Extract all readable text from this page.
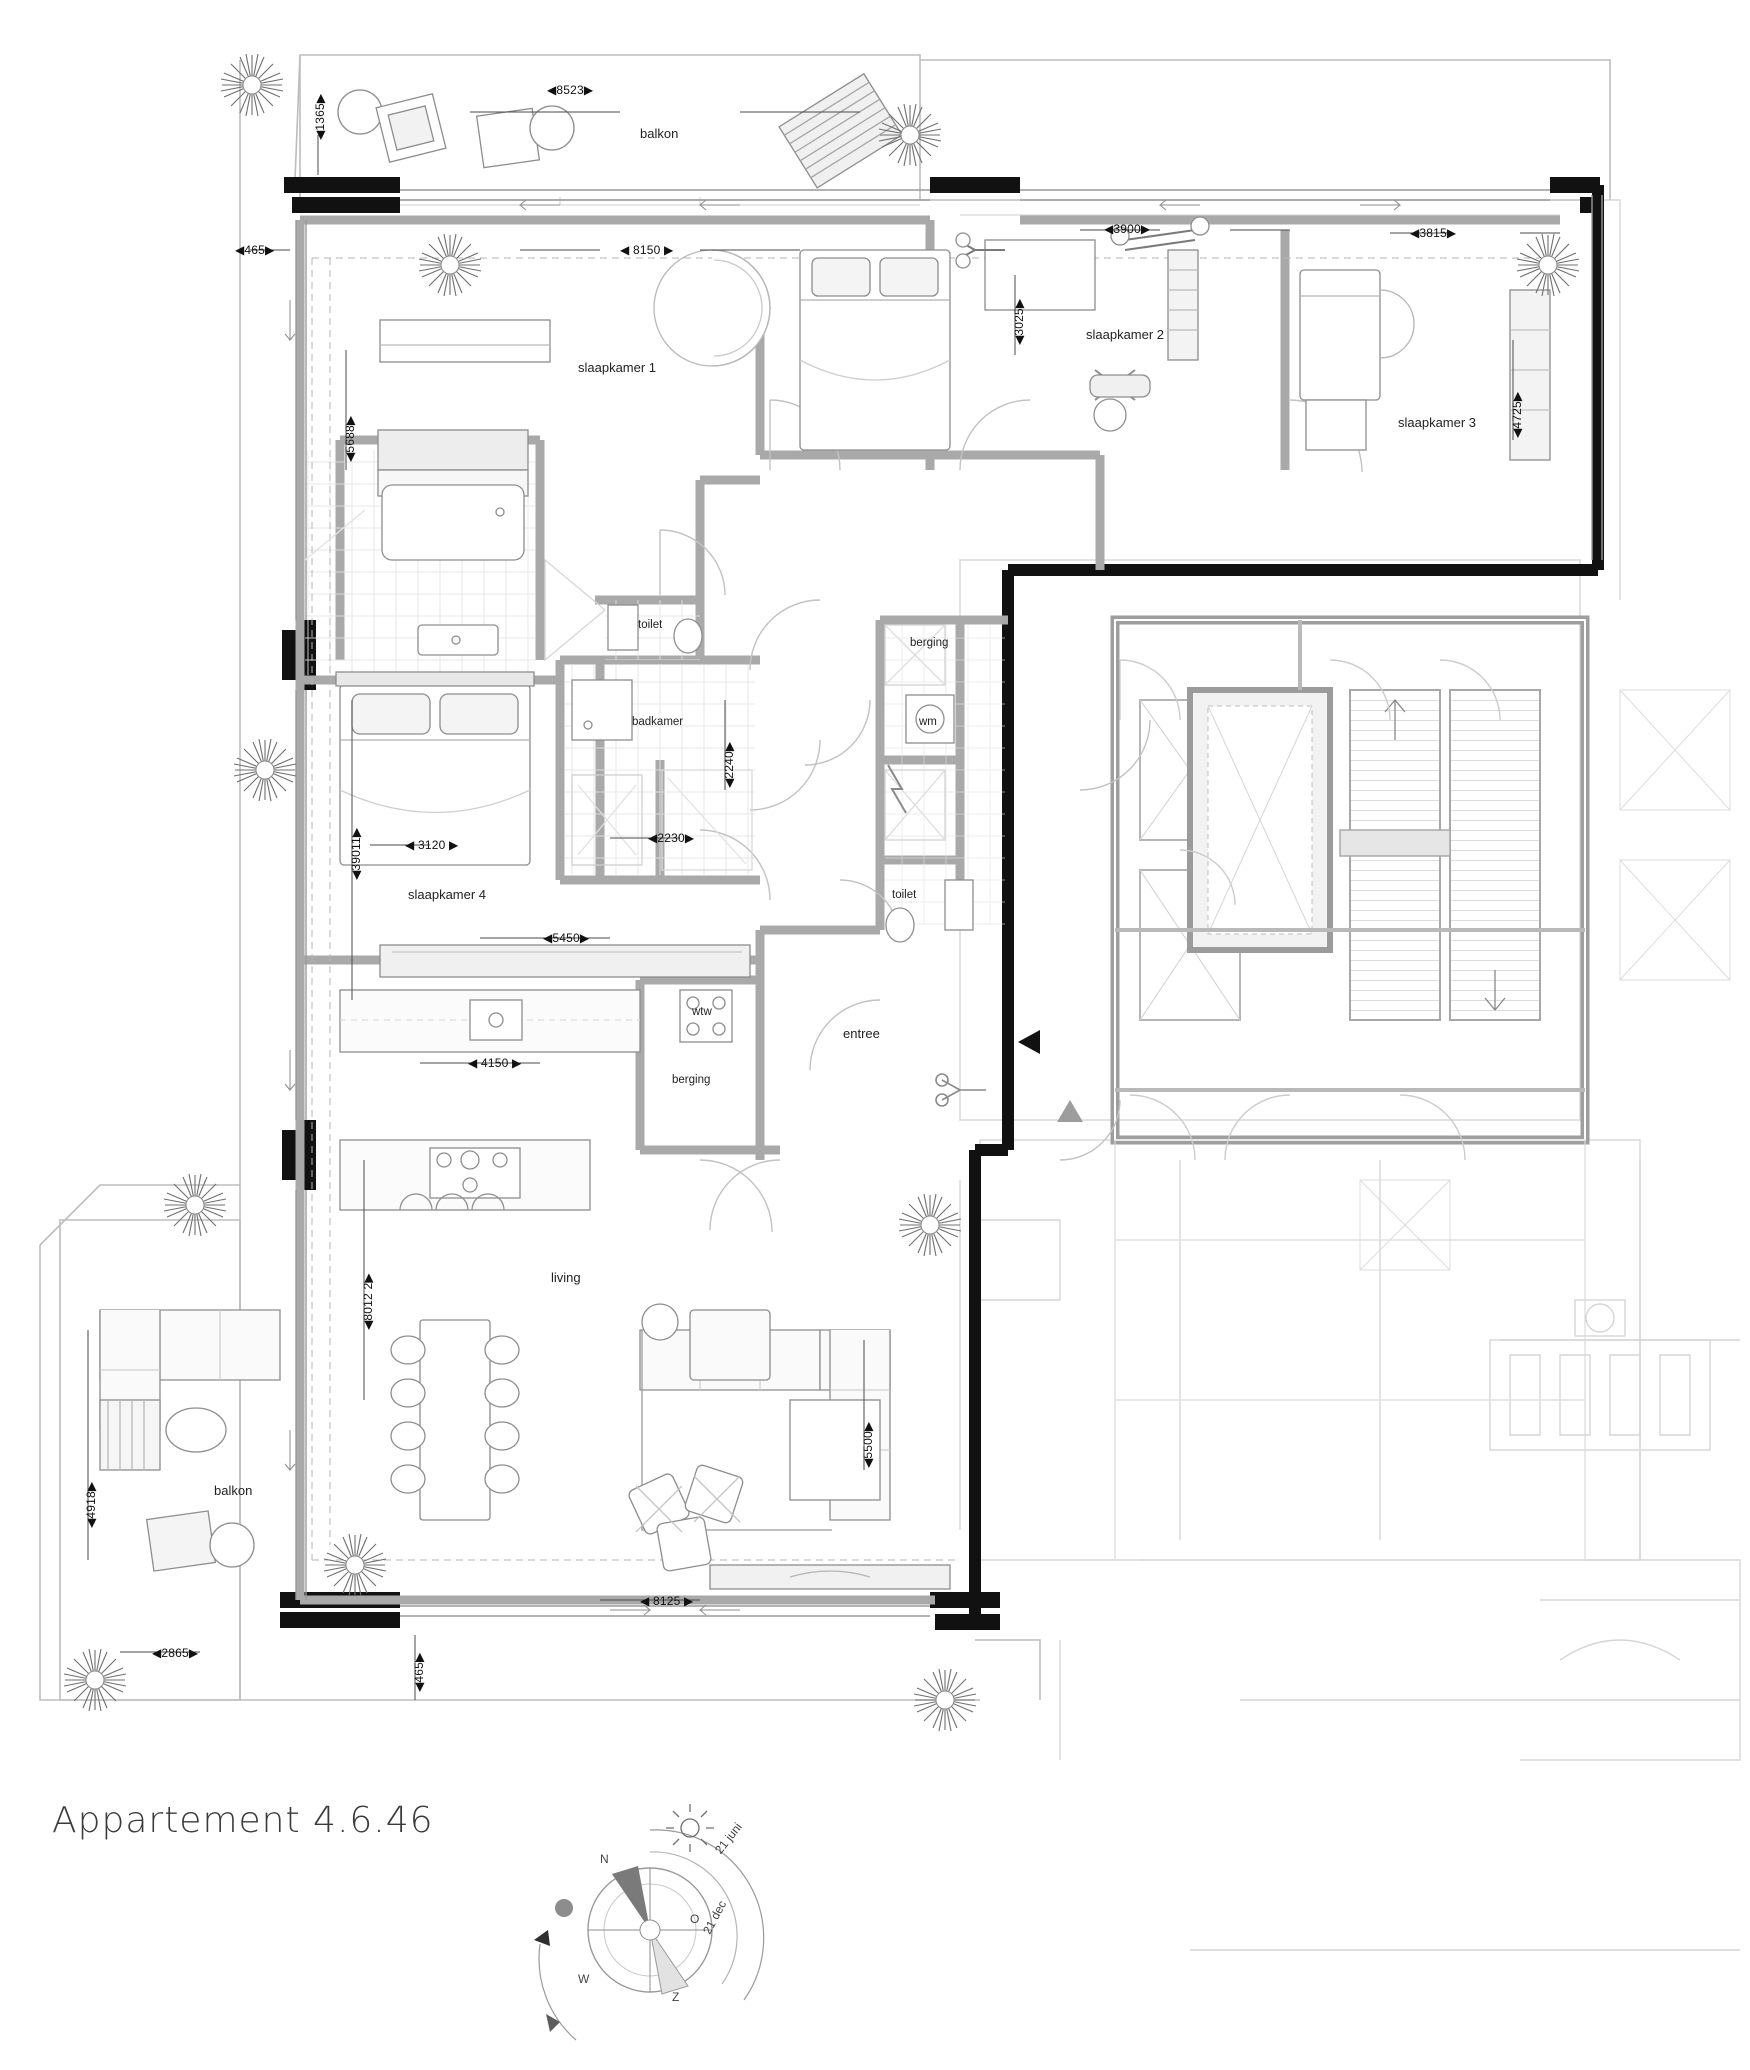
balkon
slaapkamer 1
slaapkamer 2
slaapkamer 3
toilet
badkamer
berging
wm
toilet
slaapkamer 4
wtw
berging
entree
living
balkon
◀8523▶
◀1365▶
◀465▶	◀ 8150 ▶
◀3900▶	◀3815▶
◀3025▶
◀4725▶
◀5688▶
◀2240▶
◀2230▶
◀39011▶	◀ 3120 ▶
◀5450▶
◀ 4150 ▶
◀8012 2▶
◀5500▶
◀4918▶
◀ 8125 ▶
◀2865▶	◀465▶
Appartement 4.6.46
N
O
Z
W
21 juni
21 dec
